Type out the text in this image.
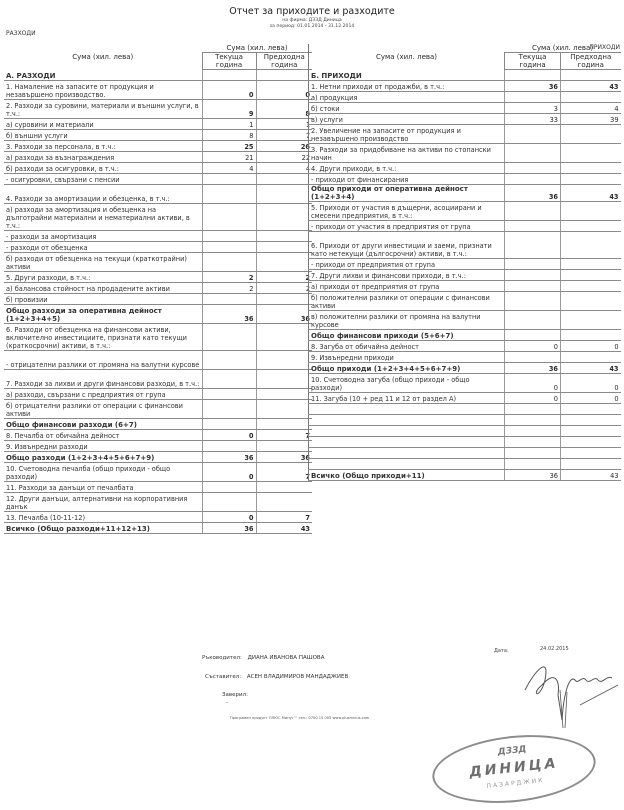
Отчет за приходите и разходите
на фирма: ДЗЗД Диница
за период: 01.01.2014 - 31.12.2014
РАЗХОДИ
ПРИХОДИ
Сума (хил. лева)	Сума (хил. лева)	
	Текуща година	Предходна година
А. РАЗХОДИ		
1. Намаление на запасите от продукция и незавършено производство.	0	0
2. Разходи за суровини, материали и външни услуги, в т.ч.:	9	8
а) суровини и материали	1	1
б) външни услуги	8	7
3. Разходи за персонала, в т.ч.:	25	26
а) разходи за възнаграждения	21	22
б) разходи за осигуровки, в т.ч.:	4	4
- осигуровки, свързани с пенсии		
4. Разходи за амортизации и обезценка, в т.ч.:		
а) разходи за амортизация и обезценка на дълготрайни материални и нематериални активи, в т.ч.:		
- разходи за амортизация		
- разходи от обезценка		
б) разходи от обезценка на текущи (краткотрайни) активи		
5. Други разходи, в т.ч.:	2	2
а) балансова стойност на продадените активи	2	2
б) провизии		
Общо разходи за оперативна дейност (1+2+3+4+5)	36	36
6. Разходи от обезценка на финансови активи, включително инвестициите, признати като текущи (краткосрочни) активи, в т.ч.:		
- отрицателни разлики от промяна на валутни курсове		
7. Разходи за лихви и други финансови разходи, в т.ч.:		
а) разходи, свързани с предприятия от група		
б) отрицателни разлики от операции с финансови активи		
Общо финансови разходи (6+7)		
8. Печалба от обичайна дейност	0	7
9. Извънредни разходи		
Общо разходи (1+2+3+4+5+6+7+9)	36	36
10. Счетоводна печалба (общо приходи - общо разходи)	0	7
11. Разходи за данъци от печалбата		
12. Други данъци, алтернативни на корпоративния данък		
13. Печалба (10-11-12)	0	7
Всичко (Общо разходи+11+12+13)	36	43
Сума (хил. лева)	Сума (хил. лева)	
	Текуща година	Предходна година
Б. ПРИХОДИ		
1. Нетни приходи от продажби, в т.ч.:	36	43
а) продукция		
б) стоки	3	4
в) услуги	33	39
2. Увеличение на запасите от продукция и незавършено производство		
3. Разходи за придобиване на активи по стопански начин		
4. Други приходи, в т.ч.:		
- приходи от финансирания		
Общо приходи от оперативна дейност (1+2+3+4)	36	43
5. Приходи от участия в дъщерни, асоциирани и смесени предприятия, в т.ч.:		
- приходи от участия в предприятия от група		
6. Приходи от други инвестиции и заеми, признати като нетекущи (дългосрочни) активи, в т.ч.:		
- приходи от предприятия от група		
7. Други лихви и финансови приходи, в т.ч.:		
а) приходи от предприятия от група		
б) положителни разлики от операции с финансови активи		
в) положителни разлики от промяна на валутни курсове		
Общо финансови приходи (5+6+7)		
8. Загуба от обичайна дейност	0	0
9. Извънредни приходи		
Общо приходи (1+2+3+4+5+6+7+9)	36	43
10. Счетоводна загуба (общо приходи - общо разходи)	0	0
11. Загуба (10 + ред 11 и 12 от раздел А)	0	0

Всичко (Общо приходи+11)	36	43
Ръководител: ДИАНА ИВАНОВА ПАШОВА
Съставител: АСЕН ВЛАДИМИРОВ МАНДАДЖИЕВ
Заверил:
-
Програмен продукт ПЛЮС Минус™ тел.: 0700 15 005 www.plusminus.com
Дата:	24.02.2015
ДЗЗД
ДИНИЦА
ПАЗАРДЖИК
